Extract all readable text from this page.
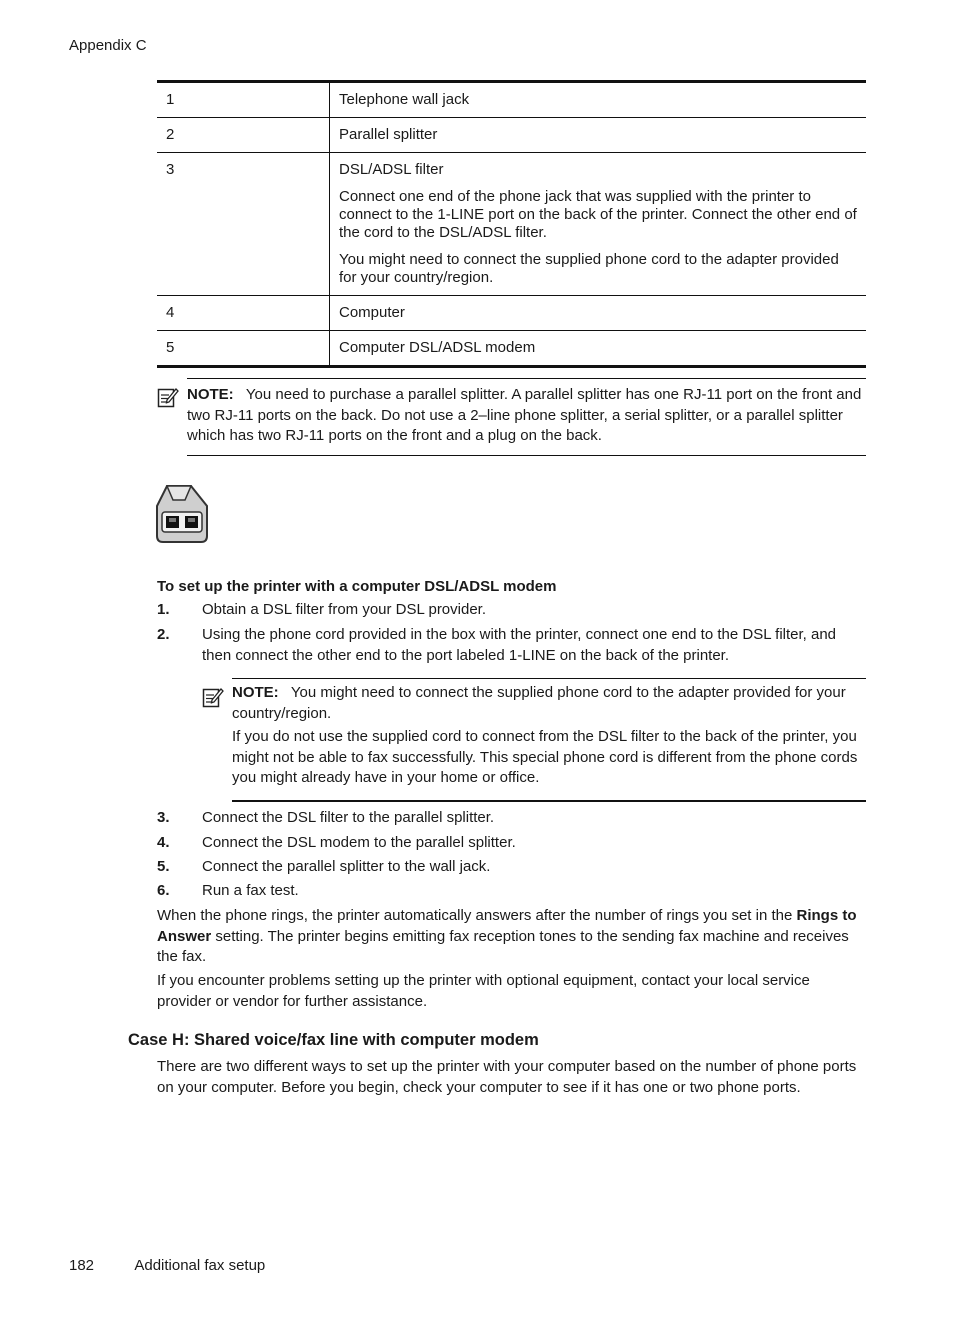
Appendix C
1	Telephone wall jack

2	Parallel splitter

3	DSL/ADSL filter

Connect one end of the phone jack that was supplied with the printer to connect to the 1-LINE port on the back of the printer. Connect the other end of the cord to the DSL/ADSL filter.

You might need to connect the supplied phone cord to the adapter provided for your country/region.

4	Computer

5	Computer DSL/ADSL modem

NOTE: You need to purchase a parallel splitter. A parallel splitter has one RJ-11 port on the front and two RJ-11 ports on the back. Do not use a 2–line phone splitter, a serial splitter, or a parallel splitter which has two RJ-11 ports on the front and a plug on the back.
To set up the printer with a computer DSL/ADSL modem
1. Obtain a DSL filter from your DSL provider.
2. Using the phone cord provided in the box with the printer, connect one end to the DSL filter, and then connect the other end to the port labeled 1-LINE on the back of the printer.

NOTE: You might need to connect the supplied phone cord to the adapter provided for your country/region.

If you do not use the supplied cord to connect from the DSL filter to the back of the printer, you might not be able to fax successfully. This special phone cord is different from the phone cords you might already have in your home or office.

3. Connect the DSL filter to the parallel splitter.
4. Connect the DSL modem to the parallel splitter.
5. Connect the parallel splitter to the wall jack.
6. Run a fax test.
When the phone rings, the printer automatically answers after the number of rings you set in the Rings to Answer setting. The printer begins emitting fax reception tones to the sending fax machine and receives the fax.
If you encounter problems setting up the printer with optional equipment, contact your local service provider or vendor for further assistance.
Case H: Shared voice/fax line with computer modem
There are two different ways to set up the printer with your computer based on the number of phone ports on your computer. Before you begin, check your computer to see if it has one or two phone ports.
182	Additional fax setup
